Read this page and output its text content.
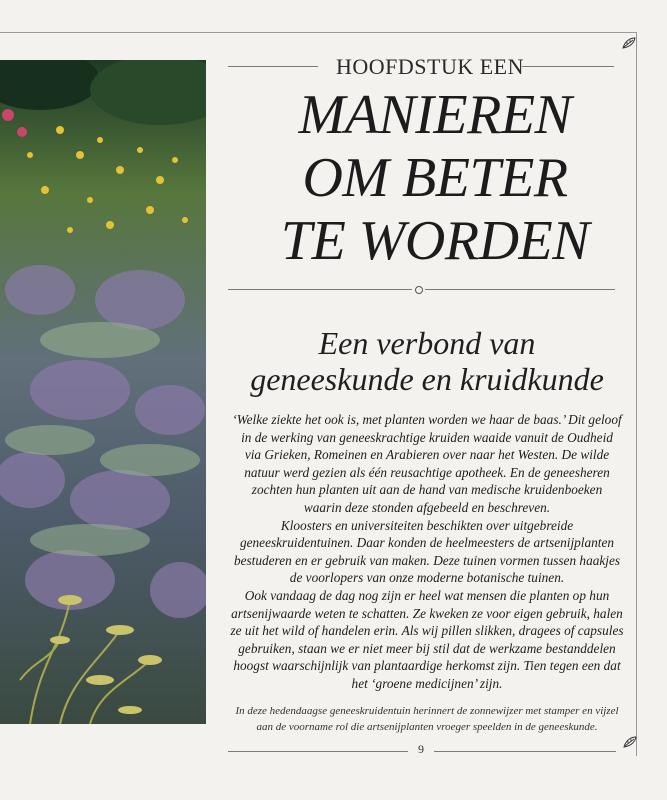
HOOFDSTUK EEN
MANIEREN
OM BETER
TE WORDEN
Een verbond van
geneeskunde en kruidkunde

‘Welke ziekte het ook is, met planten worden we haar de baas.’ Dit geloof

in de werking van geneeskrachtige kruiden waaide vanuit de Oudheid

via Grieken, Romeinen en Arabieren over naar het Westen. De wilde

natuur werd gezien als één reusachtige apotheek. En de geneesheren

zochten hun planten uit aan de hand van medische kruidenboeken

waarin deze stonden afgebeeld en beschreven.

Kloosters en universiteiten beschikten over uitgebreide

geneeskruidentuinen. Daar konden de heelmeesters de artsenijplanten

bestuderen en er gebruik van maken. Deze tuinen vormen tussen haakjes

de voorlopers van onze moderne botanische tuinen.

Ook vandaag de dag nog zijn er heel wat mensen die planten op hun

artsenijwaarde weten te schatten. Ze kweken ze voor eigen gebruik, halen

ze uit het wild of handelen erin. Als wij pillen slikken, dragees of capsules

gebruiken, staan we er niet meer bij stil dat de werkzame bestanddelen

hoogst waarschijnlijk van plantaardige herkomst zijn. Tien tegen een dat

het ‘groene medicijnen’ zijn.

In deze hedendaagse geneeskruidentuin herinnert de zonnewijzer met stamper en vijzel

aan de voorname rol die artsenijplanten vroeger speelden in de geneeskunde.

9
